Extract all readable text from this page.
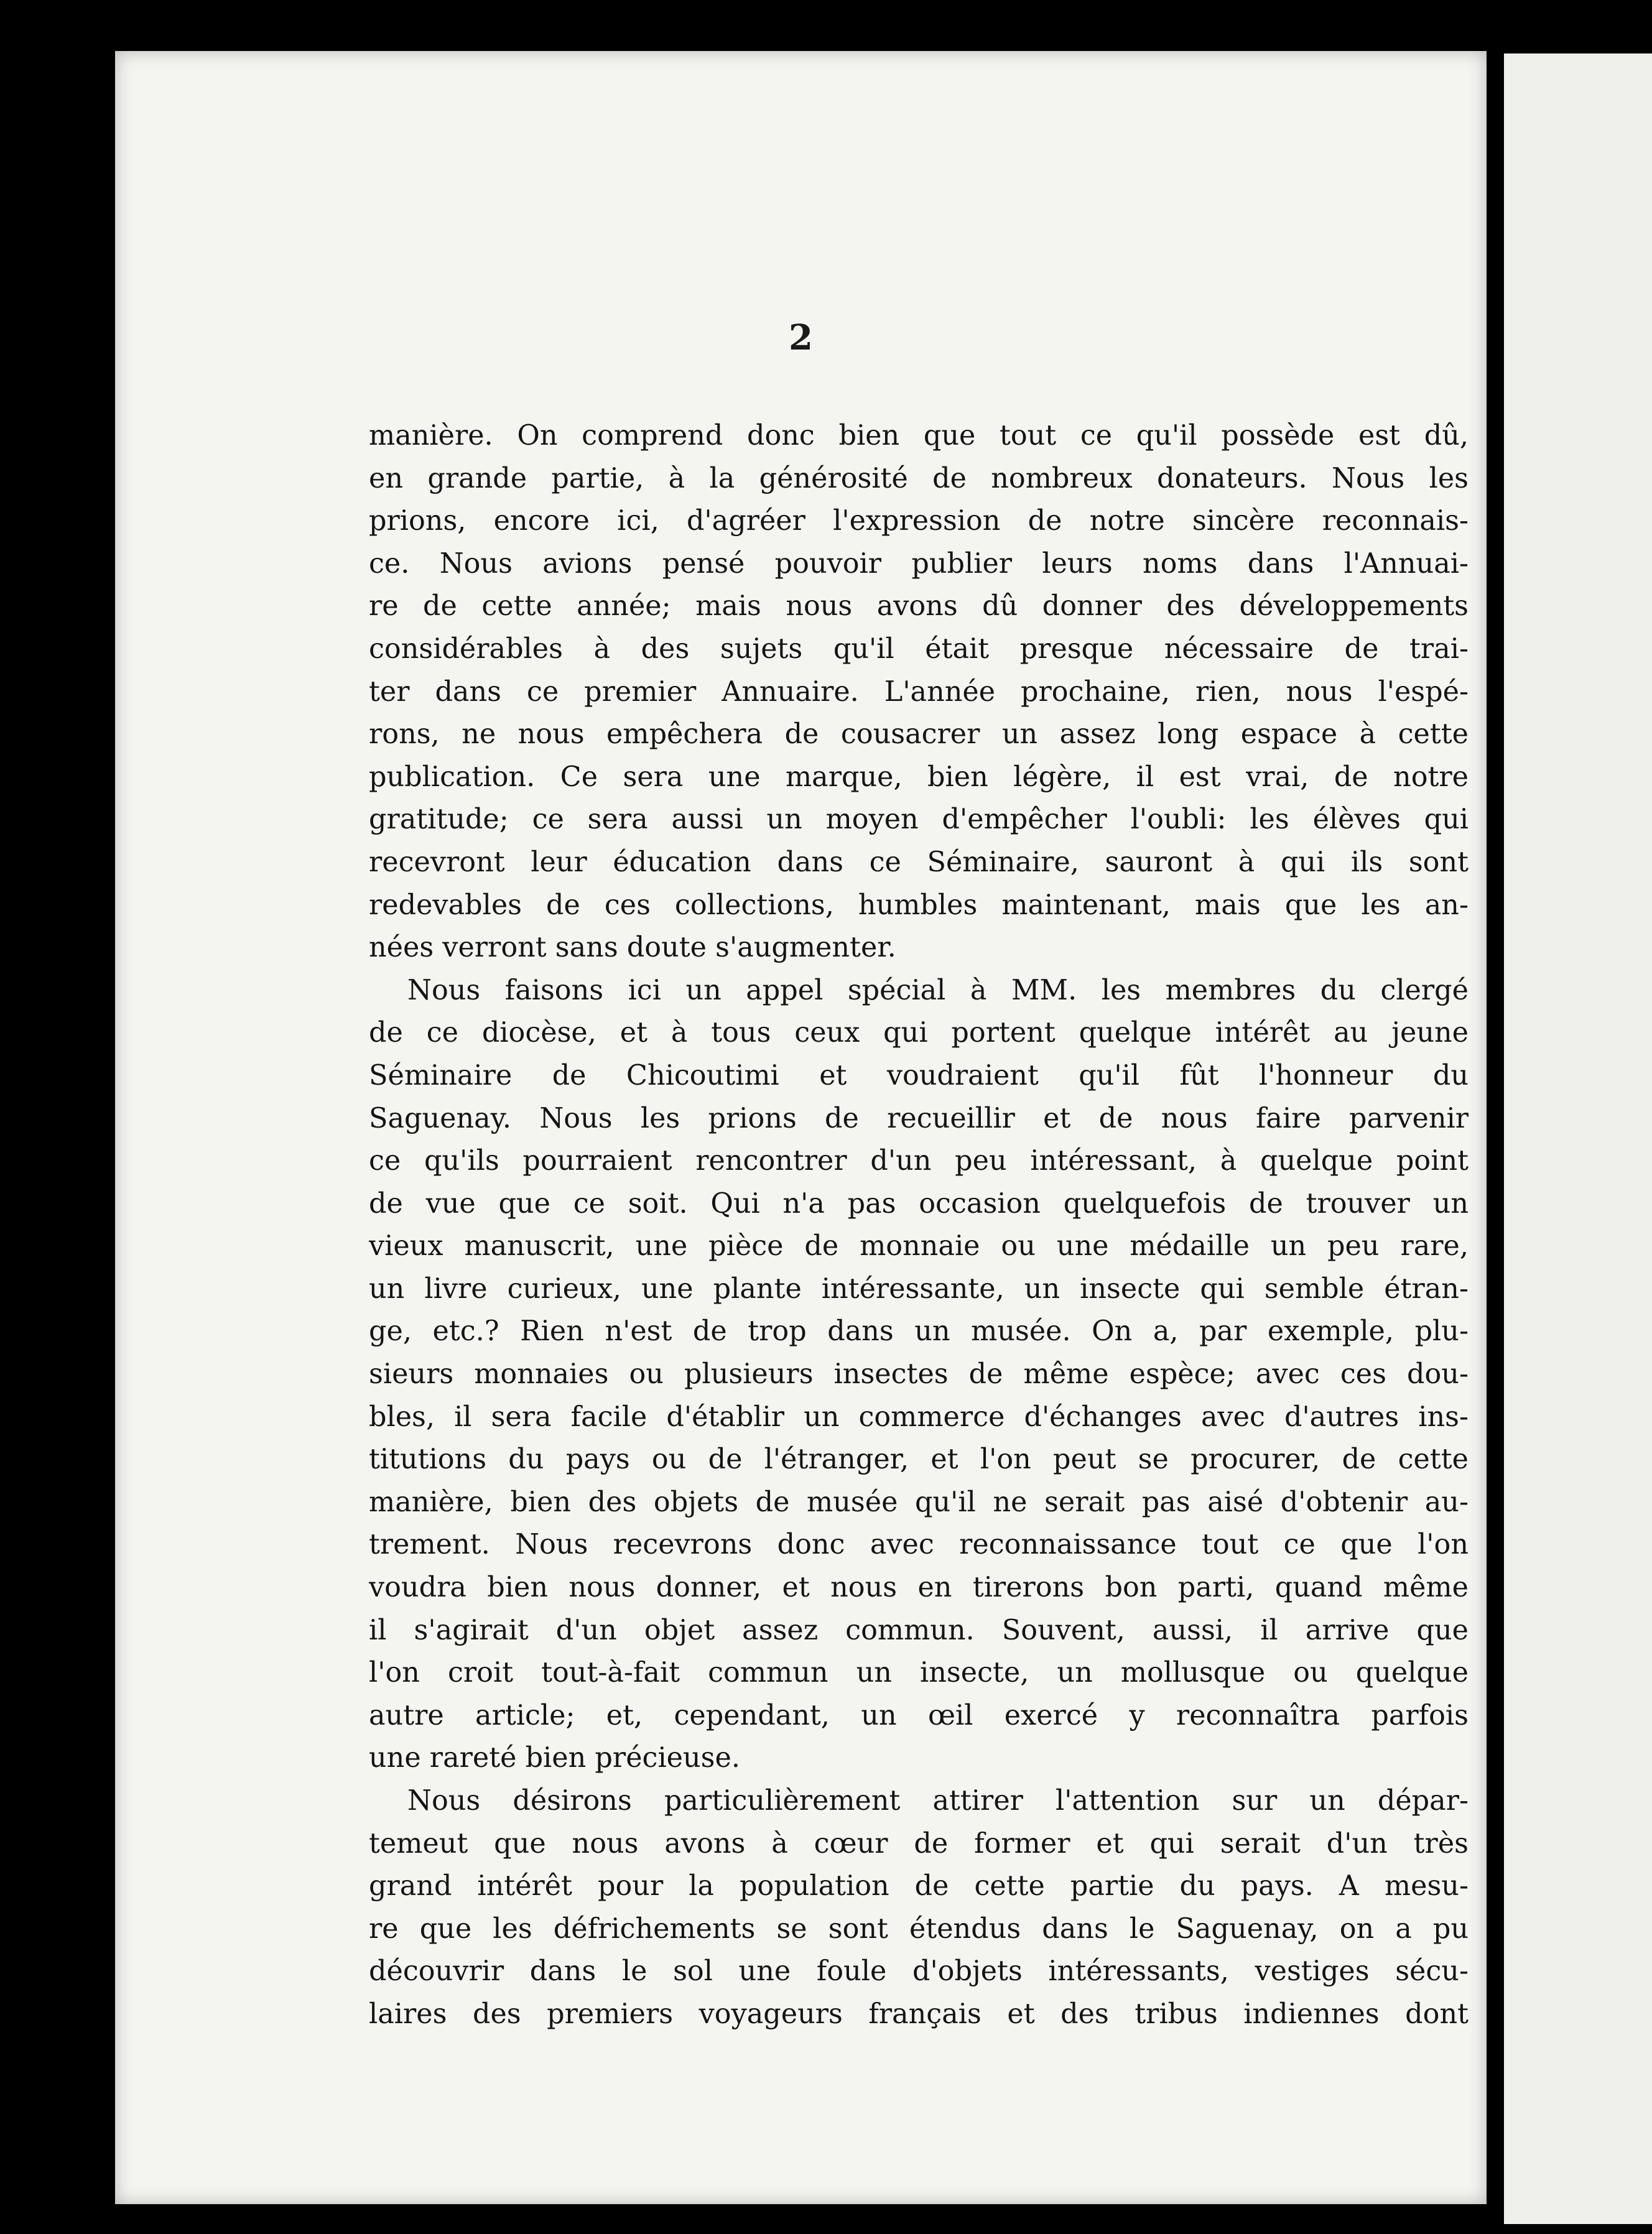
2

manière. On comprend donc bien que tout ce qu'il possède est dû,
en grande partie, à la générosité de nombreux donateurs. Nous les
prions, encore ici, d'agréer l'expression de notre sincère reconnais-
ce. Nous avions pensé pouvoir publier leurs noms dans l'Annuai-
re de cette année; mais nous avons dû donner des développements
considérables à des sujets qu'il était presque nécessaire de trai-
ter dans ce premier Annuaire. L'année prochaine, rien, nous l'espé-
rons, ne nous empêchera de cousacrer un assez long espace à cette
publication. Ce sera une marque, bien légère, il est vrai, de notre
gratitude; ce sera aussi un moyen d'empêcher l'oubli: les élèves qui
recevront leur éducation dans ce Séminaire, sauront à qui ils sont
redevables de ces collections, humbles maintenant, mais que les an-
nées verront sans doute s'augmenter.
Nous faisons ici un appel spécial à MM. les membres du clergé
de ce diocèse, et à tous ceux qui portent quelque intérêt au jeune
Séminaire de Chicoutimi et voudraient qu'il fût l'honneur du
Saguenay. Nous les prions de recueillir et de nous faire parvenir
ce qu'ils pourraient rencontrer d'un peu intéressant, à quelque point
de vue que ce soit. Qui n'a pas occasion quelquefois de trouver un
vieux manuscrit, une pièce de monnaie ou une médaille un peu rare,
un livre curieux, une plante intéressante, un insecte qui semble étran-
ge, etc.? Rien n'est de trop dans un musée. On a, par exemple, plu-
sieurs monnaies ou plusieurs insectes de même espèce; avec ces dou-
bles, il sera facile d'établir un commerce d'échanges avec d'autres ins-
titutions du pays ou de l'étranger, et l'on peut se procurer, de cette
manière, bien des objets de musée qu'il ne serait pas aisé d'obtenir au-
trement. Nous recevrons donc avec reconnaissance tout ce que l'on
voudra bien nous donner, et nous en tirerons bon parti, quand même
il s'agirait d'un objet assez commun. Souvent, aussi, il arrive que
l'on croit tout-à-fait commun un insecte, un mollusque ou quelque
autre article; et, cependant, un œil exercé y reconnaîtra parfois
une rareté bien précieuse.
Nous désirons particulièrement attirer l'attention sur un dépar-
temeut que nous avons à cœur de former et qui serait d'un très
grand intérêt pour la population de cette partie du pays. A mesu-
re que les défrichements se sont étendus dans le Saguenay, on a pu
découvrir dans le sol une foule d'objets intéressants, vestiges sécu-
laires des premiers voyageurs français et des tribus indiennes dont
